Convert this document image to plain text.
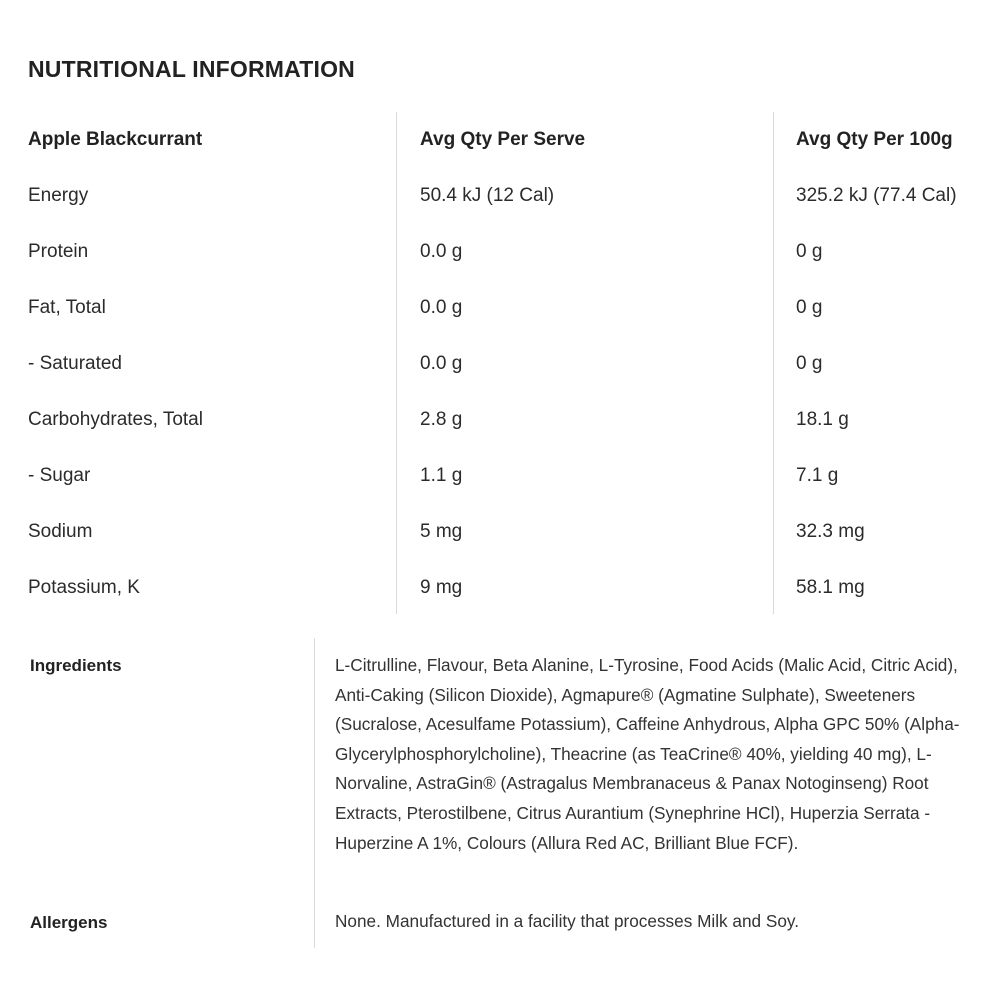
NUTRITIONAL INFORMATION
Apple Blackcurrant	Avg Qty Per Serve	Avg Qty Per 100g
Energy	50.4 kJ (12 Cal)	325.2 kJ (77.4 Cal)
Protein	0.0 g	0 g
Fat, Total	0.0 g	0 g
- Saturated	0.0 g	0 g
Carbohydrates, Total	2.8 g	18.1 g
- Sugar	1.1 g	7.1 g
Sodium	5 mg	32.3 mg
Potassium, K	9 mg	58.1 mg
Ingredients	L-Citrulline, Flavour, Beta Alanine, L-Tyrosine, Food Acids (Malic Acid, Citric Acid), Anti-Caking (Silicon Dioxide), Agmapure® (Agmatine Sulphate), Sweeteners (Sucralose, Acesulfame Potassium), Caffeine Anhydrous, Alpha GPC 50% (Alpha-Glycerylphosphorylcholine), Theacrine (as TeaCrine® 40%, yielding 40 mg), L-Norvaline, AstraGin® (Astragalus Membranaceus & Panax Notoginseng) Root Extracts, Pterostilbene, Citrus Aurantium (Synephrine HCl), Huperzia Serrata - Huperzine A 1%, Colours (Allura Red AC, Brilliant Blue FCF).
Allergens	None. Manufactured in a facility that processes Milk and Soy.
